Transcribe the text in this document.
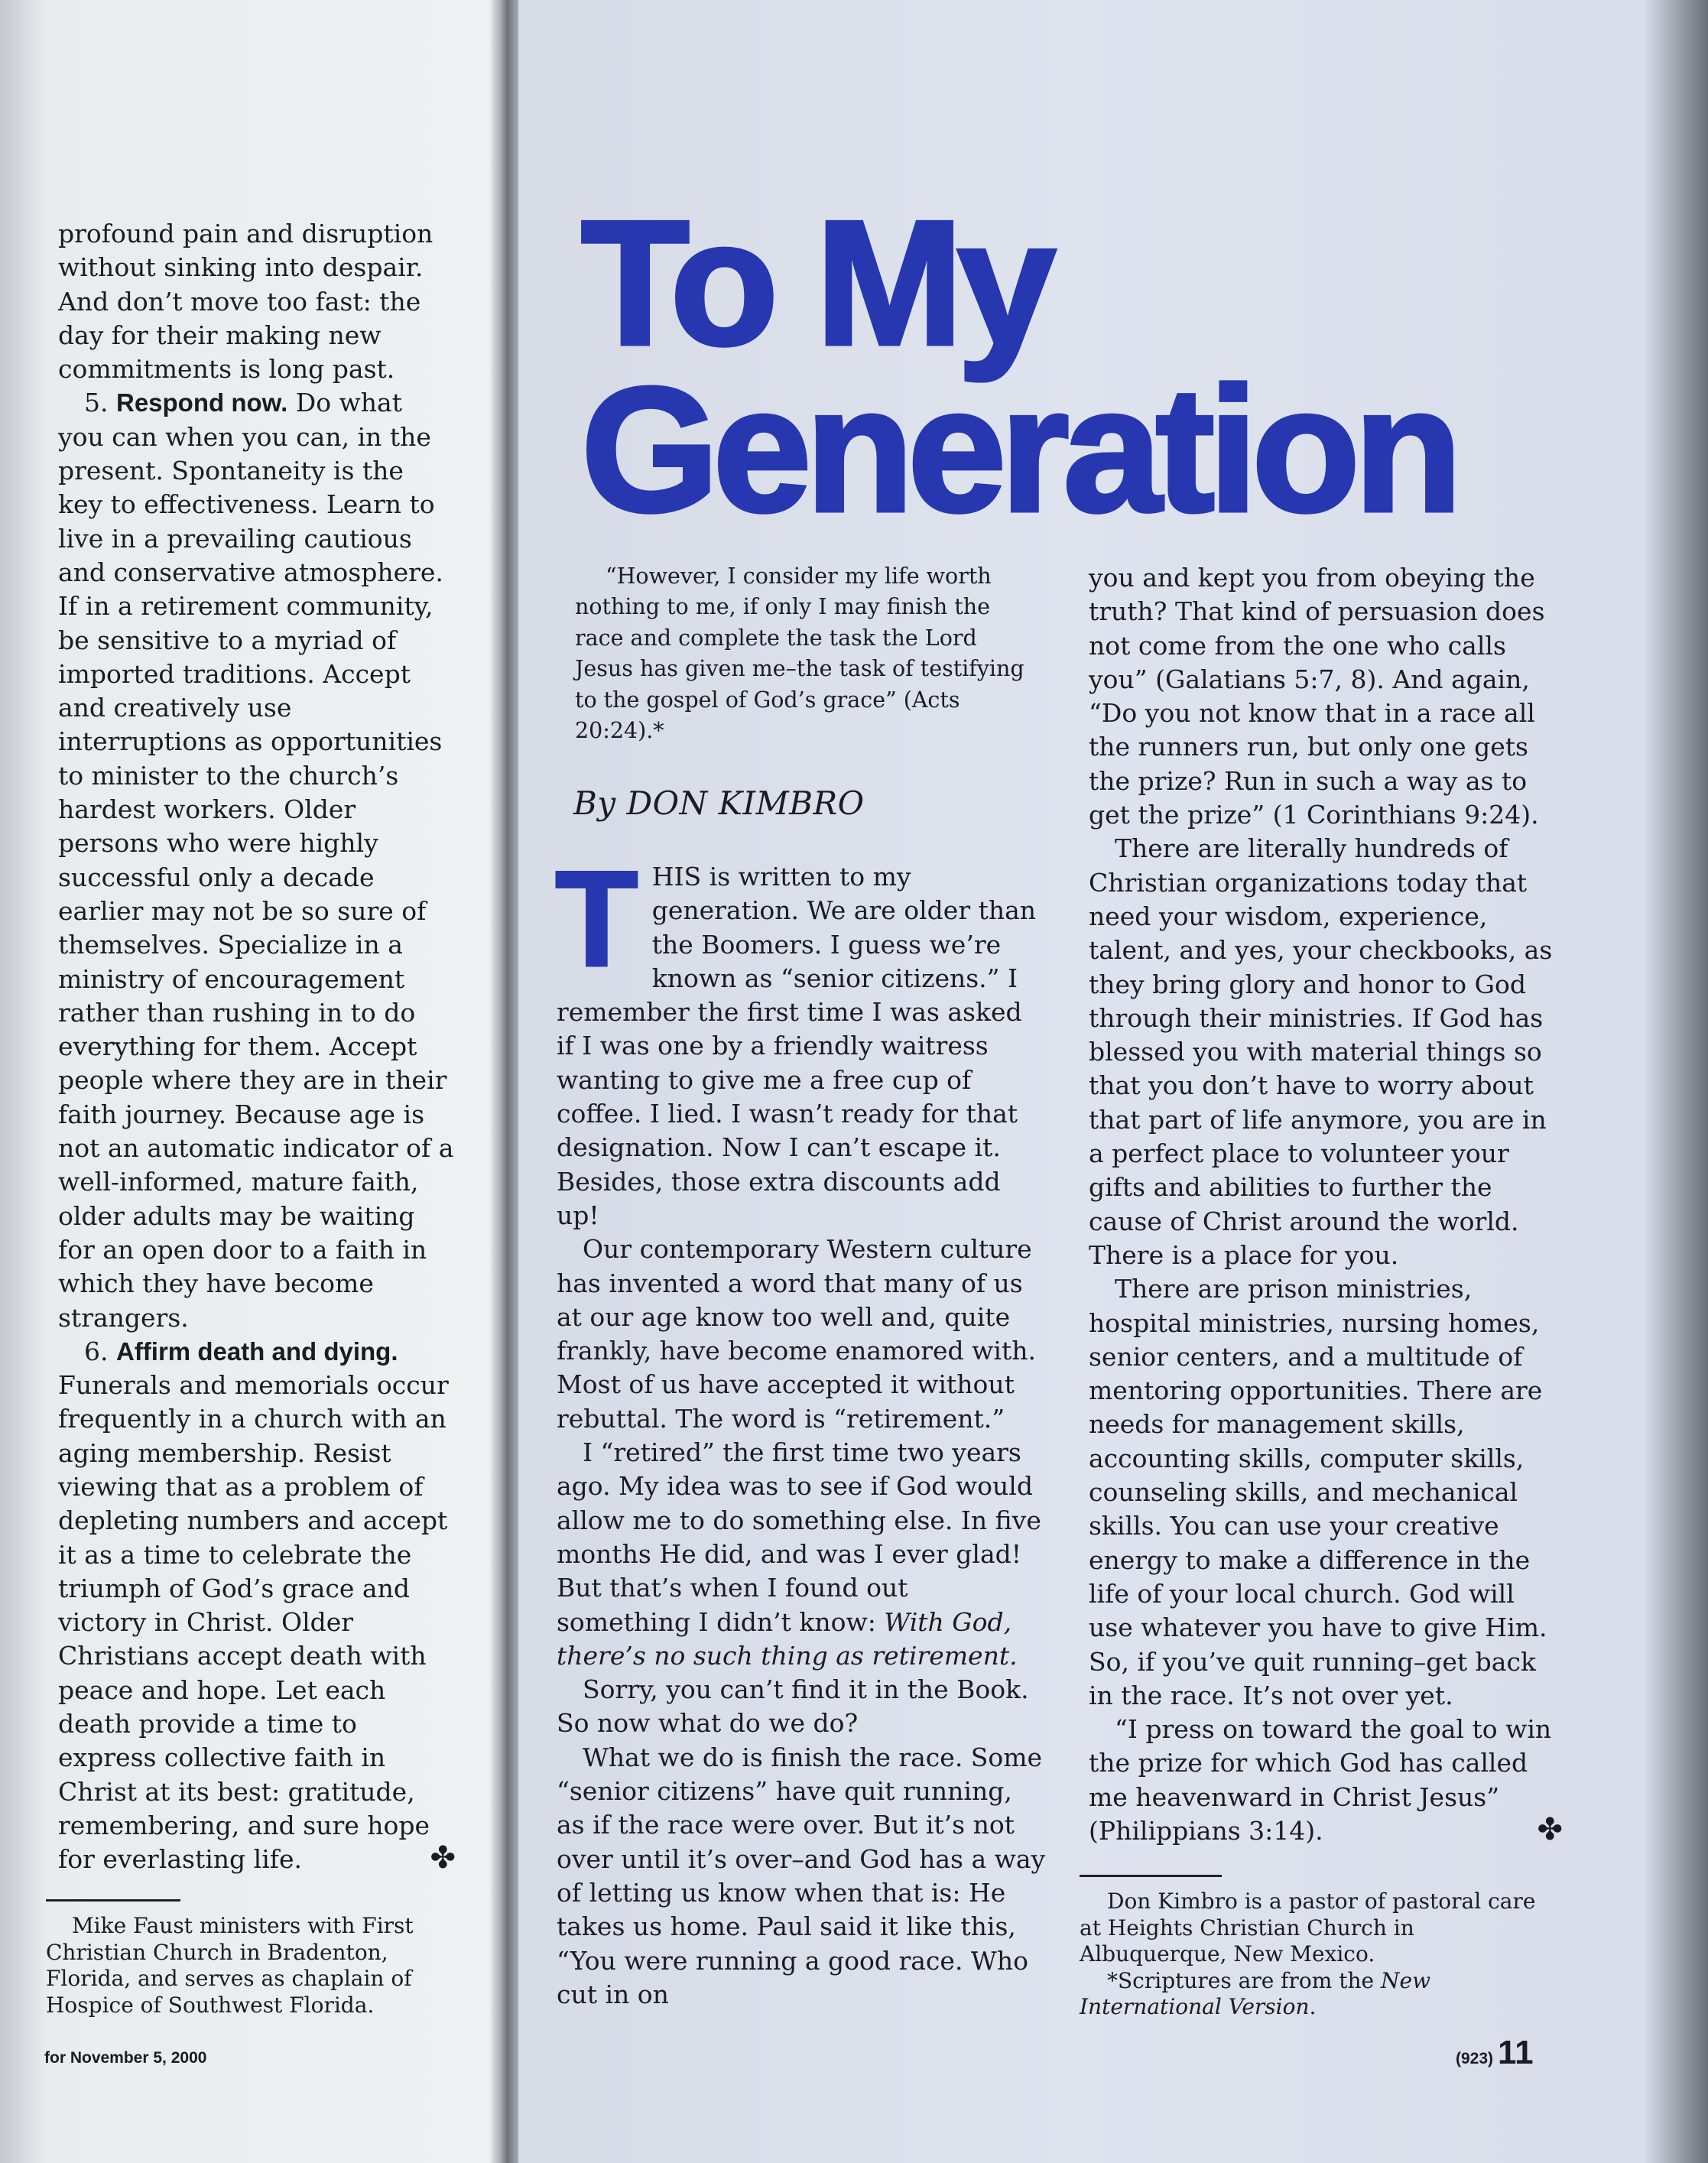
profound pain and disruption without sinking into despair. And don’t move too fast: the day for their making new commitments is long past.

5. Respond now. Do what you can when you can, in the present. Spontaneity is the key to effectiveness. Learn to live in a prevailing cautious and conservative atmosphere. If in a retirement community, be sensitive to a myriad of imported traditions. Accept and creatively use interruptions as opportunities to minister to the church’s hardest workers. Older persons who were highly successful only a decade earlier may not be so sure of themselves. Specialize in a ministry of encouragement rather than rushing in to do everything for them. Accept people where they are in their faith journey. Because age is not an automatic indicator of a well-informed, mature faith, older adults may be waiting for an open door to a faith in which they have become strangers.

6. Affirm death and dying. Funerals and memorials occur frequently in a church with an aging membership. Resist viewing that as a problem of depleting numbers and accept it as a time to celebrate the triumph of God’s grace and victory in Christ. Older Christians accept death with peace and hope. Let each death provide a time to express collective faith in Christ at its best: gratitude, remembering, and sure hope for everlasting life.	✤

Mike Faust ministers with First Christian Church in Bradenton, Florida, and serves as chaplain of Hospice of Southwest Florida.

To My
Generation

“However, I consider my life worth nothing to me, if only I may finish the race and complete the task the Lord Jesus has given me–the task of testifying to the gospel of God’s grace” (Acts 20:24).*

By DON KIMBRO

THIS is written to my generation. We are older than the Boomers. I guess we’re known as “senior citizens.” I remember the first time I was asked if I was one by a friendly waitress wanting to give me a free cup of coffee. I lied. I wasn’t ready for that designation. Now I can’t escape it. Besides, those extra discounts add up!

Our contemporary Western culture has invented a word that many of us at our age know too well and, quite frankly, have become enamored with. Most of us have accepted it without rebuttal. The word is “retirement.”

I “retired” the first time two years ago. My idea was to see if God would allow me to do something else. In five months He did, and was I ever glad! But that’s when I found out something I didn’t know: With God, there’s no such thing as retirement.

Sorry, you can’t find it in the Book. So now what do we do?

What we do is finish the race. Some “senior citizens” have quit running, as if the race were over. But it’s not over until it’s over–and God has a way of letting us know when that is: He takes us home. Paul said it like this, “You were running a good race. Who cut in on

you and kept you from obeying the truth? That kind of persuasion does not come from the one who calls you” (Galatians 5:7, 8). And again, “Do you not know that in a race all the runners run, but only one gets the prize? Run in such a way as to get the prize” (1 Corinthians 9:24).

There are literally hundreds of Christian organizations today that need your wisdom, experience, talent, and yes, your checkbooks, as they bring glory and honor to God through their ministries. If God has blessed you with material things so that you don’t have to worry about that part of life anymore, you are in a perfect place to volunteer your gifts and abilities to further the cause of Christ around the world. There is a place for you.

There are prison ministries, hospital ministries, nursing homes, senior centers, and a multitude of mentoring opportunities. There are needs for management skills, accounting skills, computer skills, counseling skills, and mechanical skills. You can use your creative energy to make a difference in the life of your local church. God will use whatever you have to give Him. So, if you’ve quit running–get back in the race. It’s not over yet.

“I press on toward the goal to win the prize for which God has called me heavenward in Christ Jesus” (Philippians 3:14).	✤

Don Kimbro is a pastor of pastoral care at Heights Christian Church in Albuquerque, New Mexico.

*Scriptures are from the New International Version.

for November 5, 2000	(923) 11
